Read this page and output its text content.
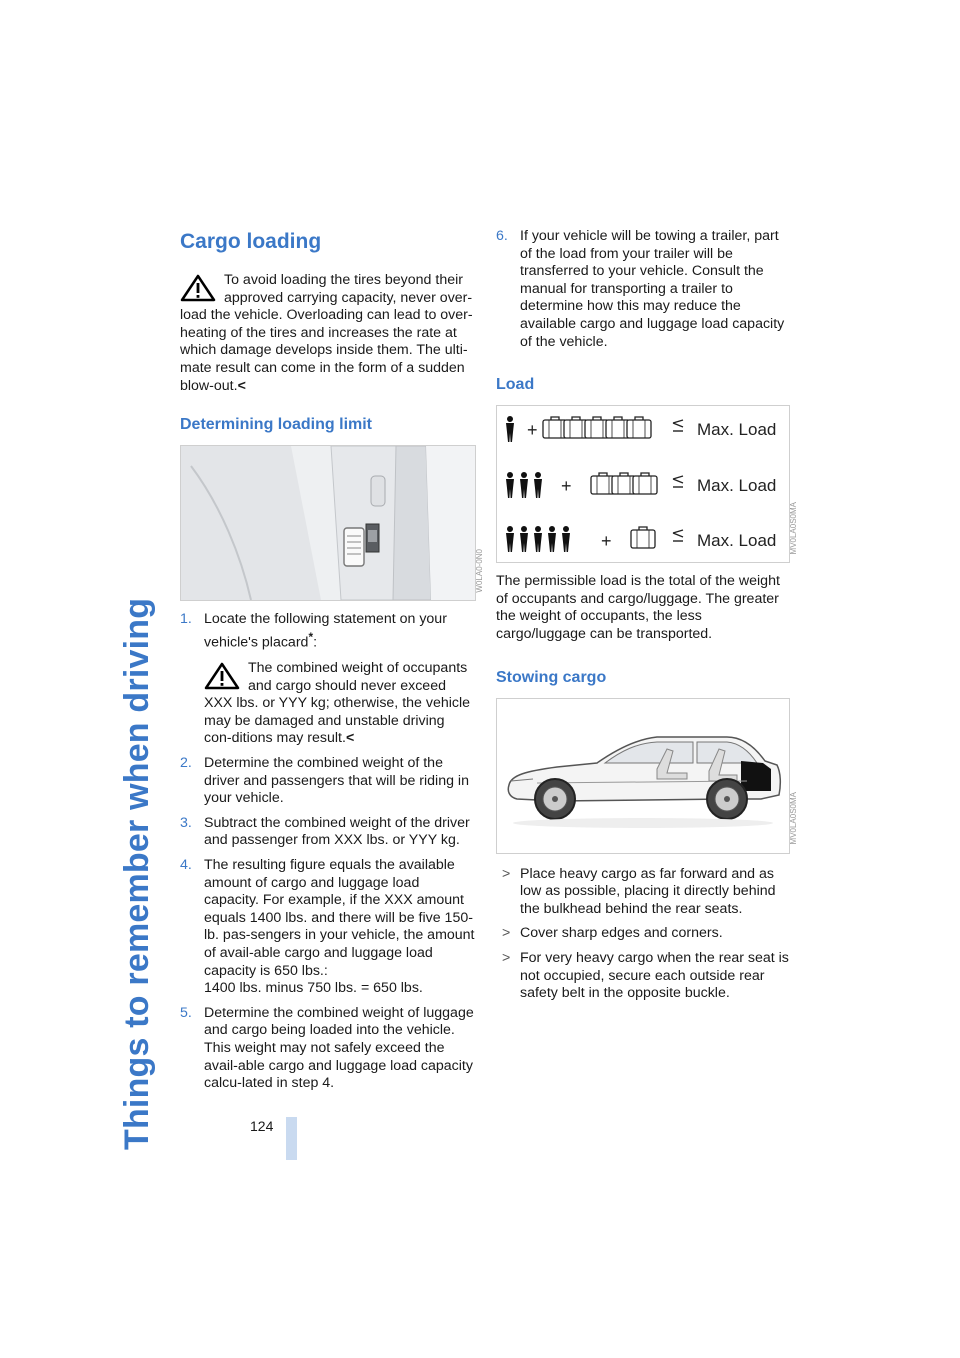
Things to remember when driving	124
Cargo loading

To avoid loading the tires beyond their approved carrying capacity, never over-load the vehicle. Overloading can lead to over-heating of the tires and increases the rate at which damage develops inside them. The ulti-mate result can come in the form of a sudden blow-out.<

Determining loading limit
W0LA0-0N0
1. Locate the following statement on your vehicle's placard*:

The combined weight of occupants and cargo should never exceed XXX lbs. or YYY kg; otherwise, the vehicle may be damaged and unstable driving con-ditions may result.<

2. Determine the combined weight of the driver and passengers that will be riding in your vehicle.
3. Subtract the combined weight of the driver and passenger from XXX lbs. or YYY kg.
4. The resulting figure equals the available amount of cargo and luggage load capacity. For example, if the XXX amount equals 1400 lbs. and there will be five 150-lb. pas-sengers in your vehicle, the amount of avail-able cargo and luggage load capacity is 650 lbs.:
1400 lbs. minus 750 lbs. = 650 lbs.
5. Determine the combined weight of luggage and cargo being loaded into the vehicle. This weight may not safely exceed the avail-able cargo and luggage load capacity calcu-lated in step 4.
6. If your vehicle will be towing a trailer, part of the load from your trailer will be transferred to your vehicle. Consult the manual for transporting a trailer to determine how this may reduce the available cargo and luggage load capacity of the vehicle.
Load
+	Max. Load
+	Max. Load
+	Max. Load	MV0LA0S0MA

The permissible load is the total of the weight of occupants and cargo/luggage. The greater the weight of occupants, the less cargo/luggage can be transported.

Stowing cargo
MV0LA0S0MA
> Place heavy cargo as far forward and as low as possible, placing it directly behind the bulkhead behind the rear seats.
> Cover sharp edges and corners.
> For very heavy cargo when the rear seat is not occupied, secure each outside rear safety belt in the opposite buckle.
